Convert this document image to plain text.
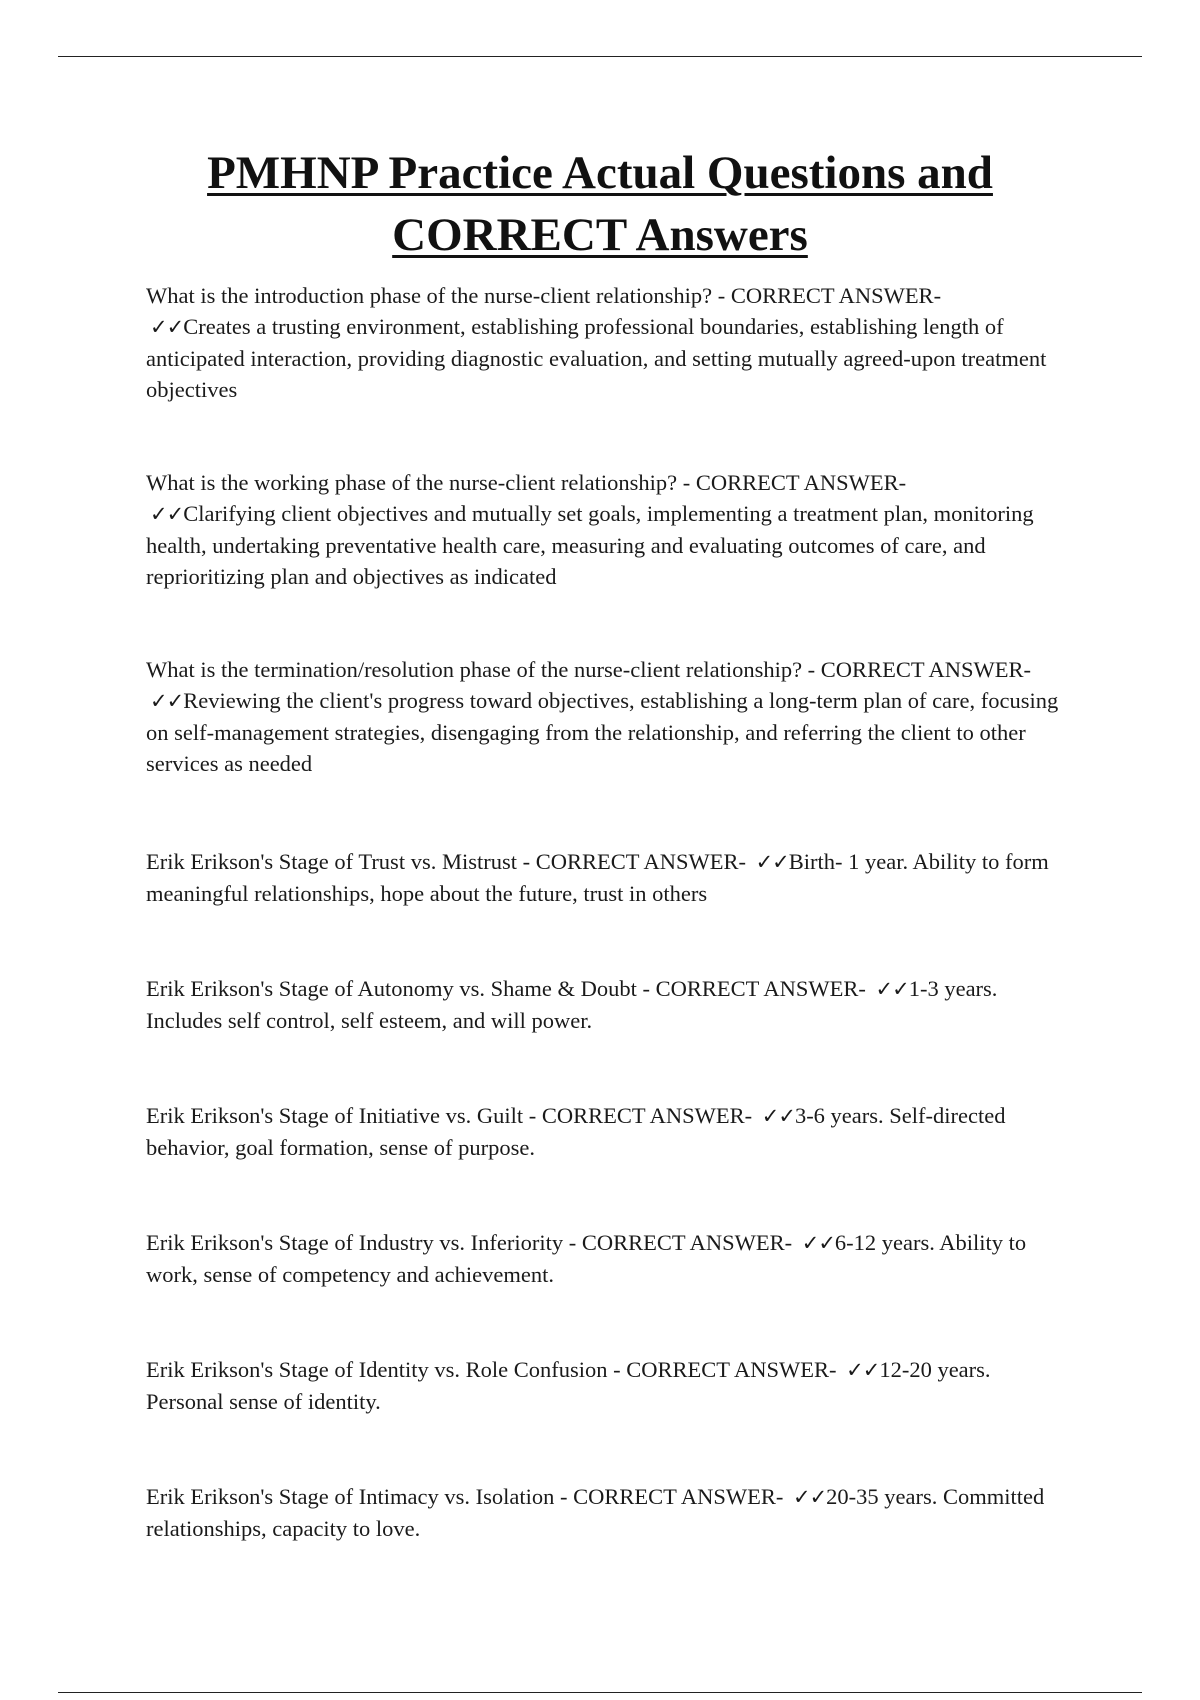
PMHNP Practice Actual Questions and
CORRECT Answers

What is the introduction phase of the nurse-client relationship? - CORRECT ANSWER-
✓✓Creates a trusting environment, establishing professional boundaries, establishing length of anticipated interaction, providing diagnostic evaluation, and setting mutually agreed-upon treatment objectives

What is the working phase of the nurse-client relationship? - CORRECT ANSWER-
✓✓Clarifying client objectives and mutually set goals, implementing a treatment plan, monitoring health, undertaking preventative health care, measuring and evaluating outcomes of care, and reprioritizing plan and objectives as indicated

What is the termination/resolution phase of the nurse-client relationship? - CORRECT ANSWER- ✓✓Reviewing the client's progress toward objectives, establishing a long-term plan of care, focusing on self-management strategies, disengaging from the relationship, and referring the client to other services as needed

Erik Erikson's Stage of Trust vs. Mistrust - CORRECT ANSWER- ✓✓Birth- 1 year. Ability to form meaningful relationships, hope about the future, trust in others

Erik Erikson's Stage of Autonomy vs. Shame & Doubt - CORRECT ANSWER- ✓✓1-3 years. Includes self control, self esteem, and will power.

Erik Erikson's Stage of Initiative vs. Guilt - CORRECT ANSWER- ✓✓3-6 years. Self-directed behavior, goal formation, sense of purpose.

Erik Erikson's Stage of Industry vs. Inferiority - CORRECT ANSWER- ✓✓6-12 years. Ability to work, sense of competency and achievement.

Erik Erikson's Stage of Identity vs. Role Confusion - CORRECT ANSWER- ✓✓12-20 years. Personal sense of identity.

Erik Erikson's Stage of Intimacy vs. Isolation - CORRECT ANSWER- ✓✓20-35 years. Committed relationships, capacity to love.
